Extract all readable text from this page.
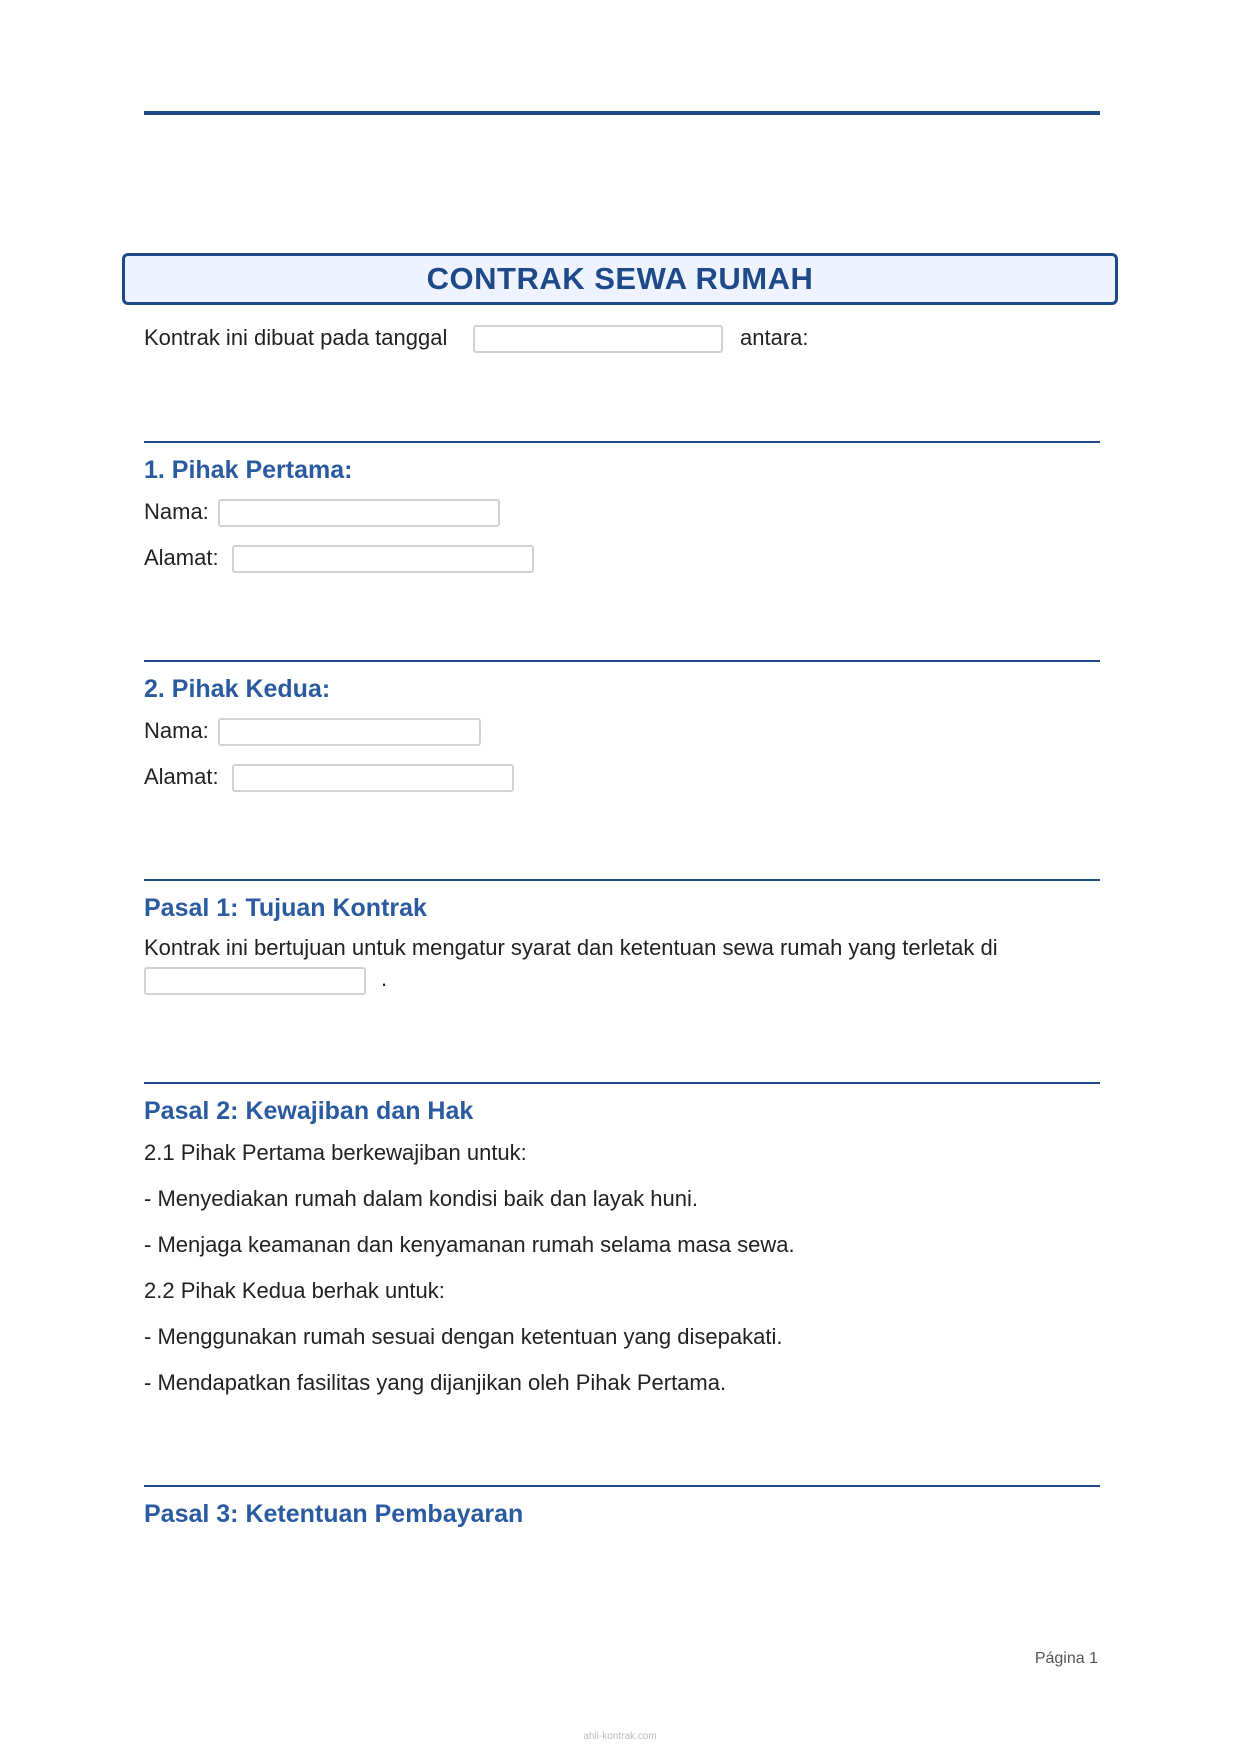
CONTRAK SEWA RUMAH
Kontrak ini dibuat pada tanggal	antara:
1. Pihak Pertama:
Nama:
Alamat:
2. Pihak Kedua:
Nama:
Alamat:
Pasal 1: Tujuan Kontrak
Kontrak ini bertujuan untuk mengatur syarat dan ketentuan sewa rumah yang terletak di
.
Pasal 2: Kewajiban dan Hak
2.1 Pihak Pertama berkewajiban untuk:
- Menyediakan rumah dalam kondisi baik dan layak huni.
- Menjaga keamanan dan kenyamanan rumah selama masa sewa.
2.2 Pihak Kedua berhak untuk:
- Menggunakan rumah sesuai dengan ketentuan yang disepakati.
- Mendapatkan fasilitas yang dijanjikan oleh Pihak Pertama.
Pasal 3: Ketentuan Pembayaran
Página 1
ahli-kontrak.com
